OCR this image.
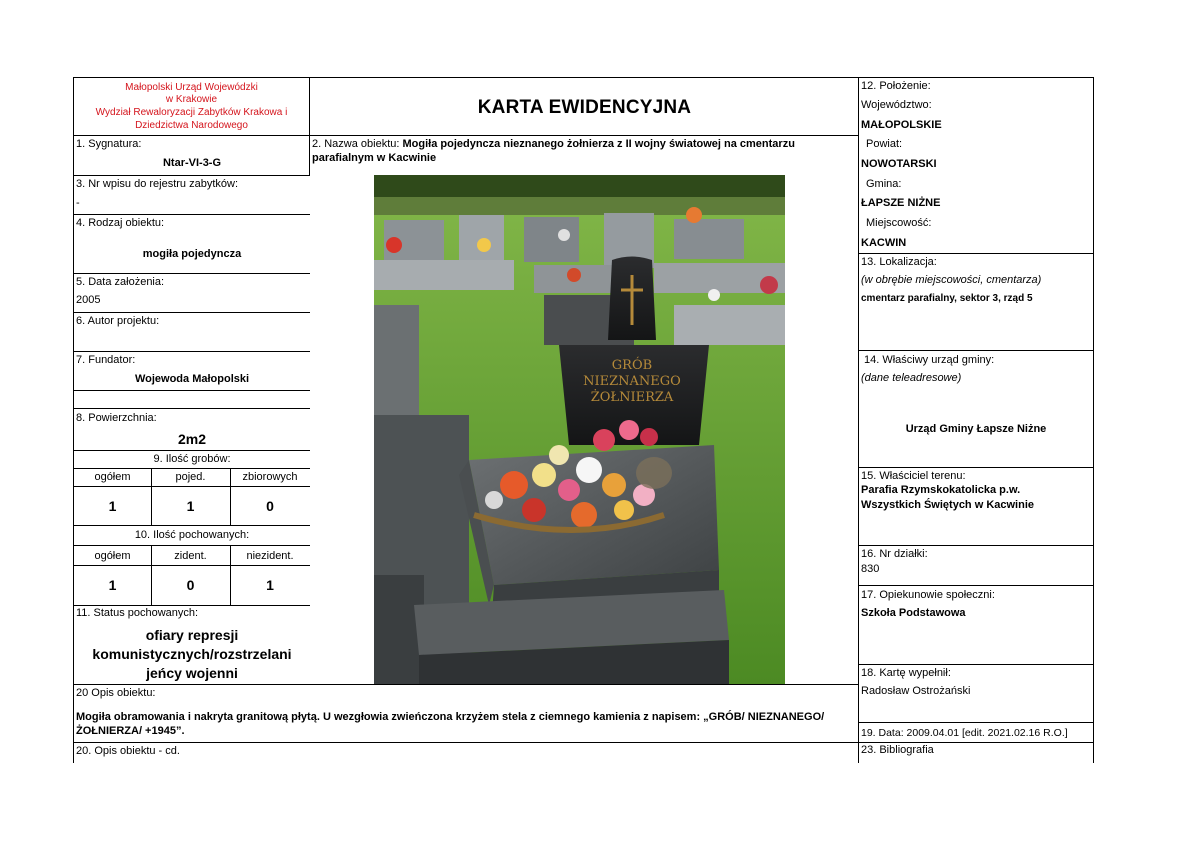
Małopolski Urząd Wojewódzki
w Krakowie
Wydział Rewaloryzacji Zabytków Krakowa i
Dziedzictwa Narodowego
1. Sygnatura:
Ntar-VI-3-G
3. Nr wpisu do rejestru zabytków:
-
4. Rodzaj obiektu:
mogiła pojedyncza
5. Data założenia:
2005
6. Autor projektu:
7. Fundator:
Wojewoda Małopolski
8. Powierzchnia:
2m2
9. Ilość grobów:
ogółem	pojed.	zbiorowych
1	1	0
10. Ilość pochowanych:
ogółem	zident.	niezident.
1	0	1
11. Status pochowanych:
ofiary represji
komunistycznych/rozstrzelani
jeńcy wojenni
KARTA EWIDENCYJNA
2. Nazwa obiektu: Mogiła pojedyncza nieznanego żołnierza z II wojny światowej na cmentarzu
parafialnym w Kacwinie
GRÓB
NIEZNANEGO
ŻOŁNIERZA
12. Położenie:
Województwo:
MAŁOPOLSKIE
Powiat:
NOWOTARSKI
Gmina:
ŁAPSZE NIŻNE
Miejscowość:
KACWIN
13. Lokalizacja:
(w obrębie miejscowości, cmentarza)
cmentarz parafialny, sektor 3, rząd 5
14. Właściwy urząd gminy:
(dane teleadresowe)
Urząd Gminy Łapsze Niżne
15. Właściciel terenu:
Parafia Rzymskokatolicka p.w.
Wszystkich Świętych w Kacwinie
16. Nr działki:
830
17. Opiekunowie społeczni:
Szkoła Podstawowa
18. Kartę wypełnił:
Radosław Ostrożański
20 Opis obiektu:
Mogiła obramowania i nakryta granitową płytą. U wezgłowia zwieńczona krzyżem stela z ciemnego kamienia z napisem: „GRÓB/ NIEZNANEGO/
ŻOŁNIERZA/ +1945”.	19. Data: 2009.04.01 [edit. 2021.02.16 R.O.]
20. Opis obiektu - cd.	23. Bibliografia
